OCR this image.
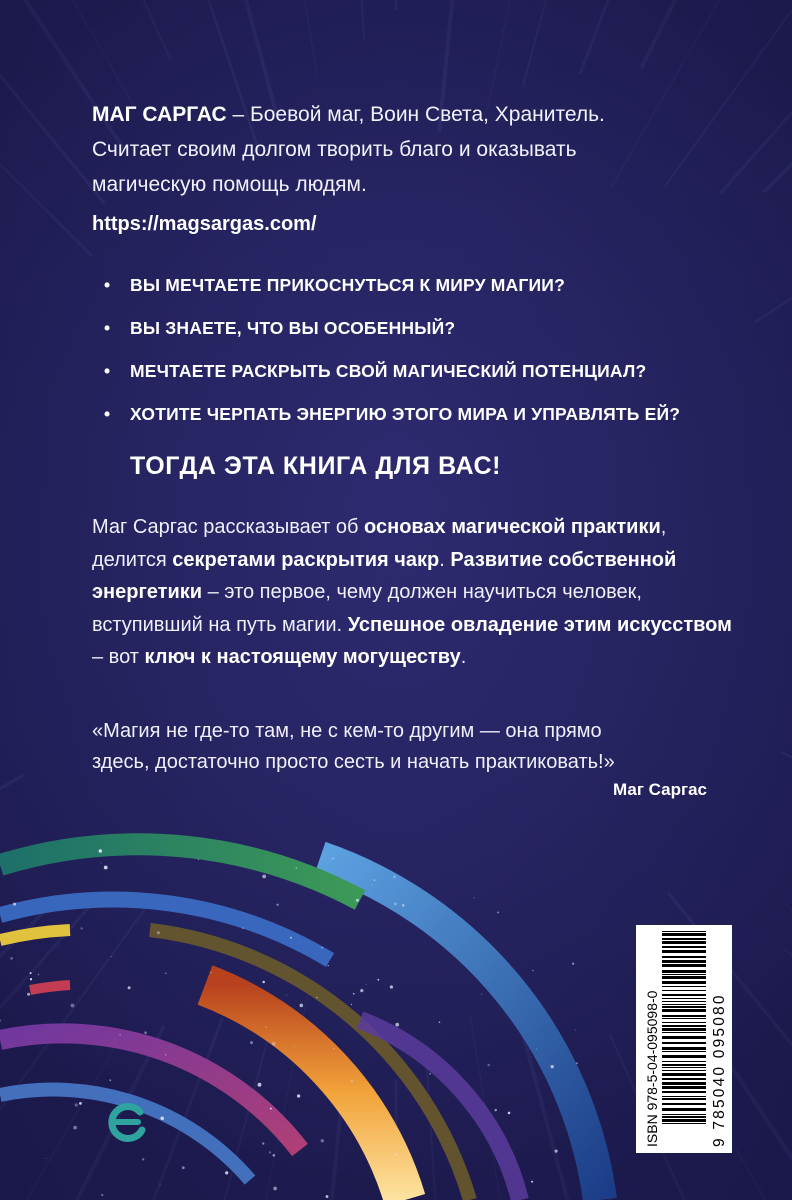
МАГ САРГАС – Боевой маг, Воин Света, Хранитель.
Считает своим долгом творить благо и оказывать
магическую помощь людям.

https://magsargas.com/

• ВЫ МЕЧТАЕТЕ ПРИКОСНУТЬСЯ К МИРУ МАГИИ?
• ВЫ ЗНАЕТЕ, ЧТО ВЫ ОСОБЕННЫЙ?
• МЕЧТАЕТЕ РАСКРЫТЬ СВОЙ МАГИЧЕСКИЙ ПОТЕНЦИАЛ?
• ХОТИТЕ ЧЕРПАТЬ ЭНЕРГИЮ ЭТОГО МИРА И УПРАВЛЯТЬ ЕЙ?
ТОГДА ЭТА КНИГА ДЛЯ ВАС!

Маг Саргас рассказывает об основах магической практики, делится секретами раскрытия чакр. Развитие собственной энергетики – это первое, чему должен научиться человек, вступивший на путь магии. Успешное овладение этим искусством – вот ключ к настоящему могуществу.

«Магия не где-то там, не с кем-то другим — она прямо
здесь, достаточно просто сесть и начать практиковать!»

Маг Саргас
ISBN 978-5-04-095098-0	9 785040 095080
